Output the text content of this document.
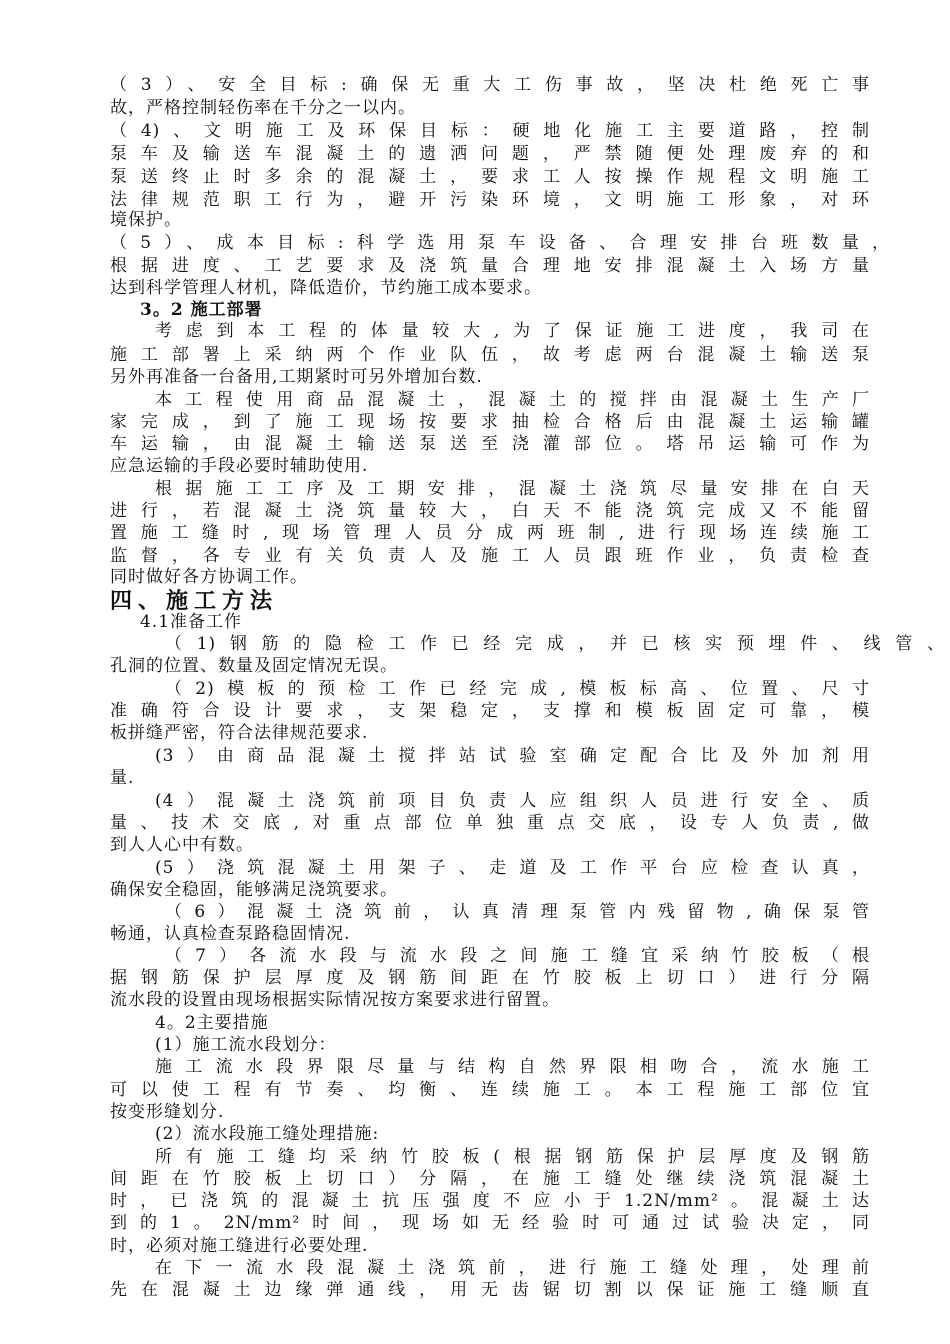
（3）、安全目标:确保无重大工伤事故，坚决杜绝死亡事
故，严格控制轻伤率在千分之一以内。
（4)、文明施工及环保目标：硬地化施工主要道路，控制
泵车及输送车混凝土的遗洒问题，严禁随便处理废弃的和
泵送终止时多余的混凝土，要求工人按操作规程文明施工
法律规范职工行为，避开污染环境，文明施工形象，对环
境保护。
（5）、成本目标:科学选用泵车设备、合理安排台班数量，
根据进度、工艺要求及浇筑量合理地安排混凝土入场方量
达到科学管理人材机，降低造价，节约施工成本要求。
3。2 施工部署
考虑到本工程的体量较大,为了保证施工进度，我司在
施工部署上采纳两个作业队伍，故考虑两台混凝土输送泵
另外再准备一台备用,工期紧时可另外增加台数.
本工程使用商品混凝土，混凝土的搅拌由混凝土生产厂
家完成，到了施工现场按要求抽检合格后由混凝土运输罐
车运输，由混凝土输送泵送至浇灌部位。塔吊运输可作为
应急运输的手段必要时辅助使用.
根据施工工序及工期安排，混凝土浇筑尽量安排在白天
进行，若混凝土浇筑量较大，白天不能浇筑完成又不能留
置施工缝时,现场管理人员分成两班制,进行现场连续施工
监督，各专业有关负责人及施工人员跟班作业，负责检查
同时做好各方协调工作。
四、施工方法
4.1准备工作
（1)钢筋的隐检工作已经完成，并已核实预埋件、线管、
孔洞的位置、数量及固定情况无误。
（2)模板的预检工作已经完成,模板标高、位置、尺寸
准确符合设计要求，支架稳定，支撑和模板固定可靠，模
板拼缝严密，符合法律规范要求.
(3）由商品混凝土搅拌站试验室确定配合比及外加剂用
量.
(4）混凝土浇筑前项目负责人应组织人员进行安全、质
量、技术交底,对重点部位单独重点交底，设专人负责,做
到人人心中有数。
(5）浇筑混凝土用架子、走道及工作平台应检查认真，
确保安全稳固，能够满足浇筑要求。
（6）混凝土浇筑前，认真清理泵管内残留物,确保泵管
畅通，认真检查泵路稳固情况.
（7）各流水段与流水段之间施工缝宜采纳竹胶板（根
据钢筋保护层厚度及钢筋间距在竹胶板上切口）进行分隔
流水段的设置由现场根据实际情况按方案要求进行留置。
4。2主要措施
(1）施工流水段划分：
施工流水段界限尽量与结构自然界限相吻合，流水施工
可以使工程有节奏、均衡、连续施工。本工程施工部位宜
按变形缝划分.
(2）流水段施工缝处理措施:
所有施工缝均采纳竹胶板(根据钢筋保护层厚度及钢筋
间距在竹胶板上切口）分隔，在施工缝处继续浇筑混凝土
时，已浇筑的混凝土抗压强度不应小于1.2N/mm²。混凝土达
到的1。2N/mm²时间，现场如无经验时可通过试验决定，同
时，必须对施工缝进行必要处理.
在下一流水段混凝土浇筑前，进行施工缝处理，处理前
先在混凝土边缘弹通线，用无齿锯切割以保证施工缝顺直
